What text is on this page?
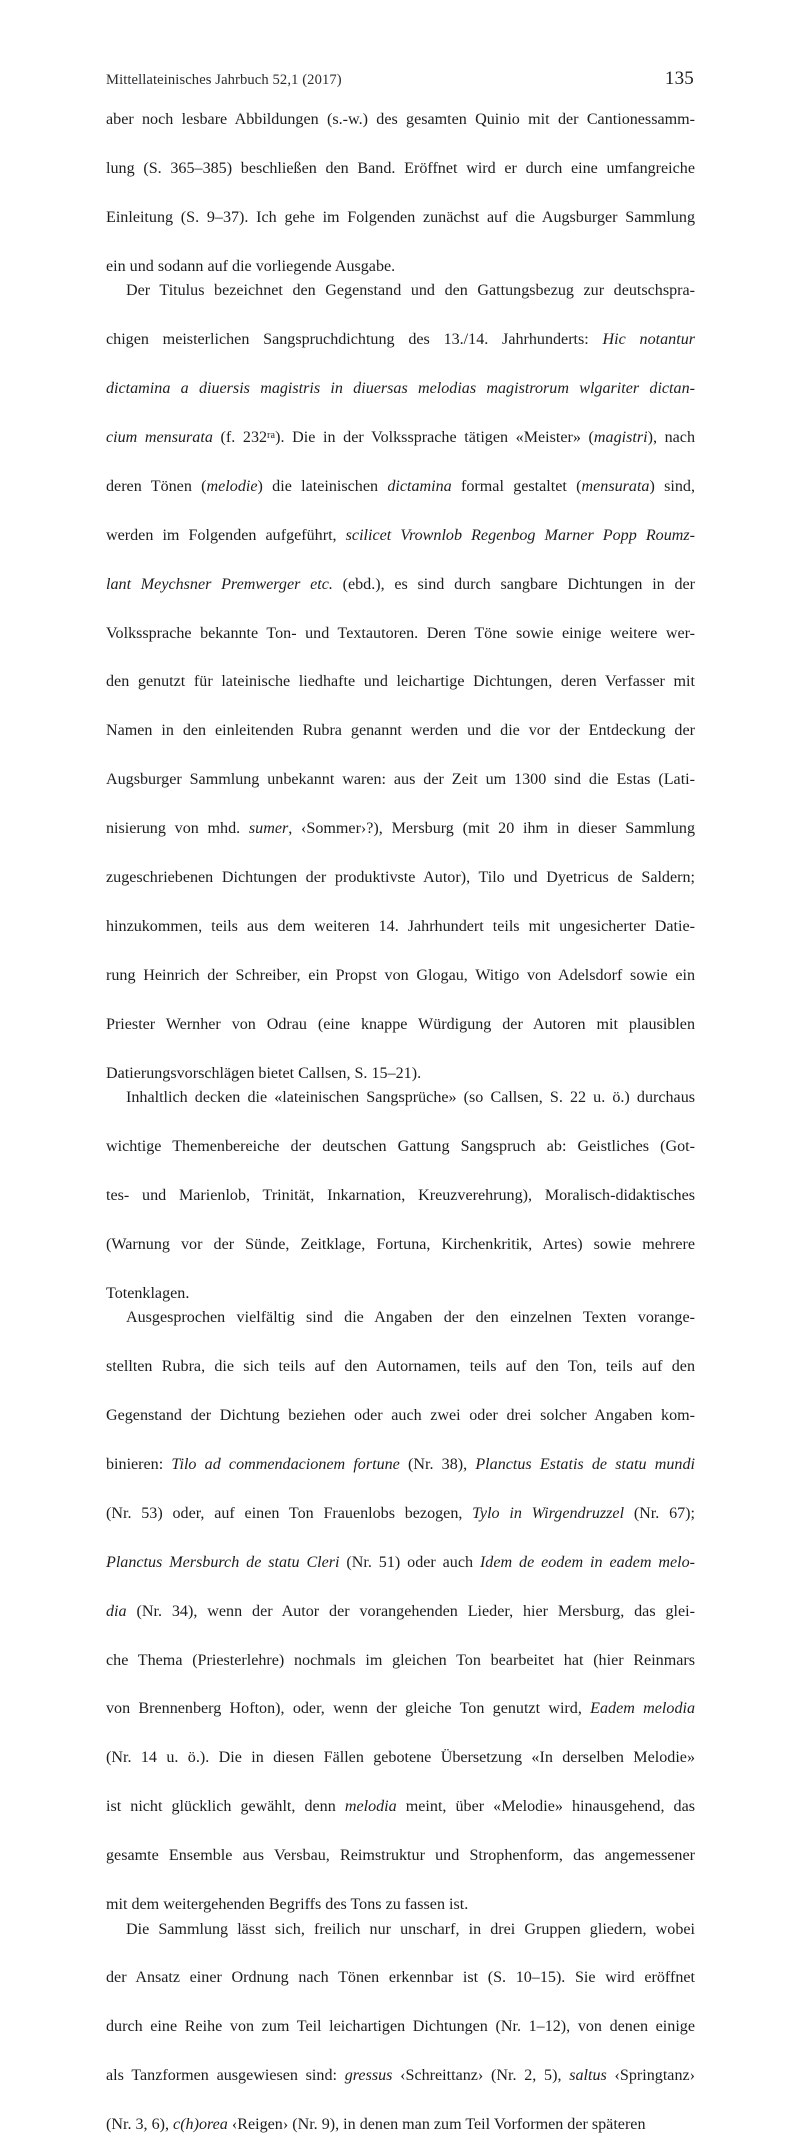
Mittellateinisches Jahrbuch 52,1 (2017)	135

aber noch lesbare Abbildungen (s.-w.) des gesamten Quinio mit der Cantionessamm-
lung (S. 365–385) beschließen den Band. Eröffnet wird er durch eine umfangreiche
Einleitung (S. 9–37). Ich gehe im Folgenden zunächst auf die Augsburger Sammlung
ein und sodann auf die vorliegende Ausgabe.

Der Titulus bezeichnet den Gegenstand und den Gattungsbezug zur deutschspra-
chigen meisterlichen Sangspruchdichtung des 13./14. Jahrhunderts: Hic notantur
dictamina a diuersis magistris in diuersas melodias magistrorum wlgariter dictan-
cium mensurata (f. $232^{ra}$). Die in der Volkssprache tätigen «Meister» (magistri), nach
deren Tönen (melodie) die lateinischen dictamina formal gestaltet (mensurata) sind,
werden im Folgenden aufgeführt, scilicet Vrownlob Regenbog Marner Popp Roumz-
lant Meychsner Premwerger etc. (ebd.), es sind durch sangbare Dichtungen in der
Volkssprache bekannte Ton- und Textautoren. Deren Töne sowie einige weitere wer-
den genutzt für lateinische liedhafte und leichartige Dichtungen, deren Verfasser mit
Namen in den einleitenden Rubra genannt werden und die vor der Entdeckung der
Augsburger Sammlung unbekannt waren: aus der Zeit um 1300 sind die Estas (Lati-
nisierung von mhd. sumer, ‹Sommer›?), Mersburg (mit 20 ihm in dieser Sammlung
zugeschriebenen Dichtungen der produktivste Autor), Tilo und Dyetricus de Saldern;
hinzukommen, teils aus dem weiteren 14. Jahrhundert teils mit ungesicherter Datie-
rung Heinrich der Schreiber, ein Propst von Glogau, Witigo von Adelsdorf sowie ein
Priester Wernher von Odrau (eine knappe Würdigung der Autoren mit plausiblen
Datierungsvorschlägen bietet Callsen, S. 15–21).

Inhaltlich decken die «lateinischen Sangsprüche» (so Callsen, S. 22 u. ö.) durchaus
wichtige Themenbereiche der deutschen Gattung Sangspruch ab: Geistliches (Got-
tes- und Marienlob, Trinität, Inkarnation, Kreuzverehrung), Moralisch-didaktisches
(Warnung vor der Sünde, Zeitklage, Fortuna, Kirchenkritik, Artes) sowie mehrere
Totenklagen.

Ausgesprochen vielfältig sind die Angaben der den einzelnen Texten vorange-
stellten Rubra, die sich teils auf den Autornamen, teils auf den Ton, teils auf den
Gegenstand der Dichtung beziehen oder auch zwei oder drei solcher Angaben kom-
binieren: Tilo ad commendacionem fortune (Nr. 38), Planctus Estatis de statu mundi
(Nr. 53) oder, auf einen Ton Frauenlobs bezogen, Tylo in Wirgendruzzel (Nr. 67);
Planctus Mersburch de statu Cleri (Nr. 51) oder auch Idem de eodem in eadem melo-
dia (Nr. 34), wenn der Autor der vorangehenden Lieder, hier Mersburg, das glei-
che Thema (Priesterlehre) nochmals im gleichen Ton bearbeitet hat (hier Reinmars
von Brennenberg Hofton), oder, wenn der gleiche Ton genutzt wird, Eadem melodia
(Nr. 14 u. ö.). Die in diesen Fällen gebotene Übersetzung «In derselben Melodie»
ist nicht glücklich gewählt, denn melodia meint, über «Melodie» hinausgehend, das
gesamte Ensemble aus Versbau, Reimstruktur und Strophenform, das angemessener
mit dem weitergehenden Begriffs des Tons zu fassen ist.

Die Sammlung lässt sich, freilich nur unscharf, in drei Gruppen gliedern, wobei
der Ansatz einer Ordnung nach Tönen erkennbar ist (S. 10–15). Sie wird eröffnet
durch eine Reihe von zum Teil leichartigen Dichtungen (Nr. 1–12), von denen einige
als Tanzformen ausgewiesen sind: gressus ‹Schreittanz› (Nr. 2, 5), saltus ‹Springtanz›
(Nr. 3, 6), c(h)orea ‹Reigen› (Nr. 9), in denen man zum Teil Vorformen der späteren
